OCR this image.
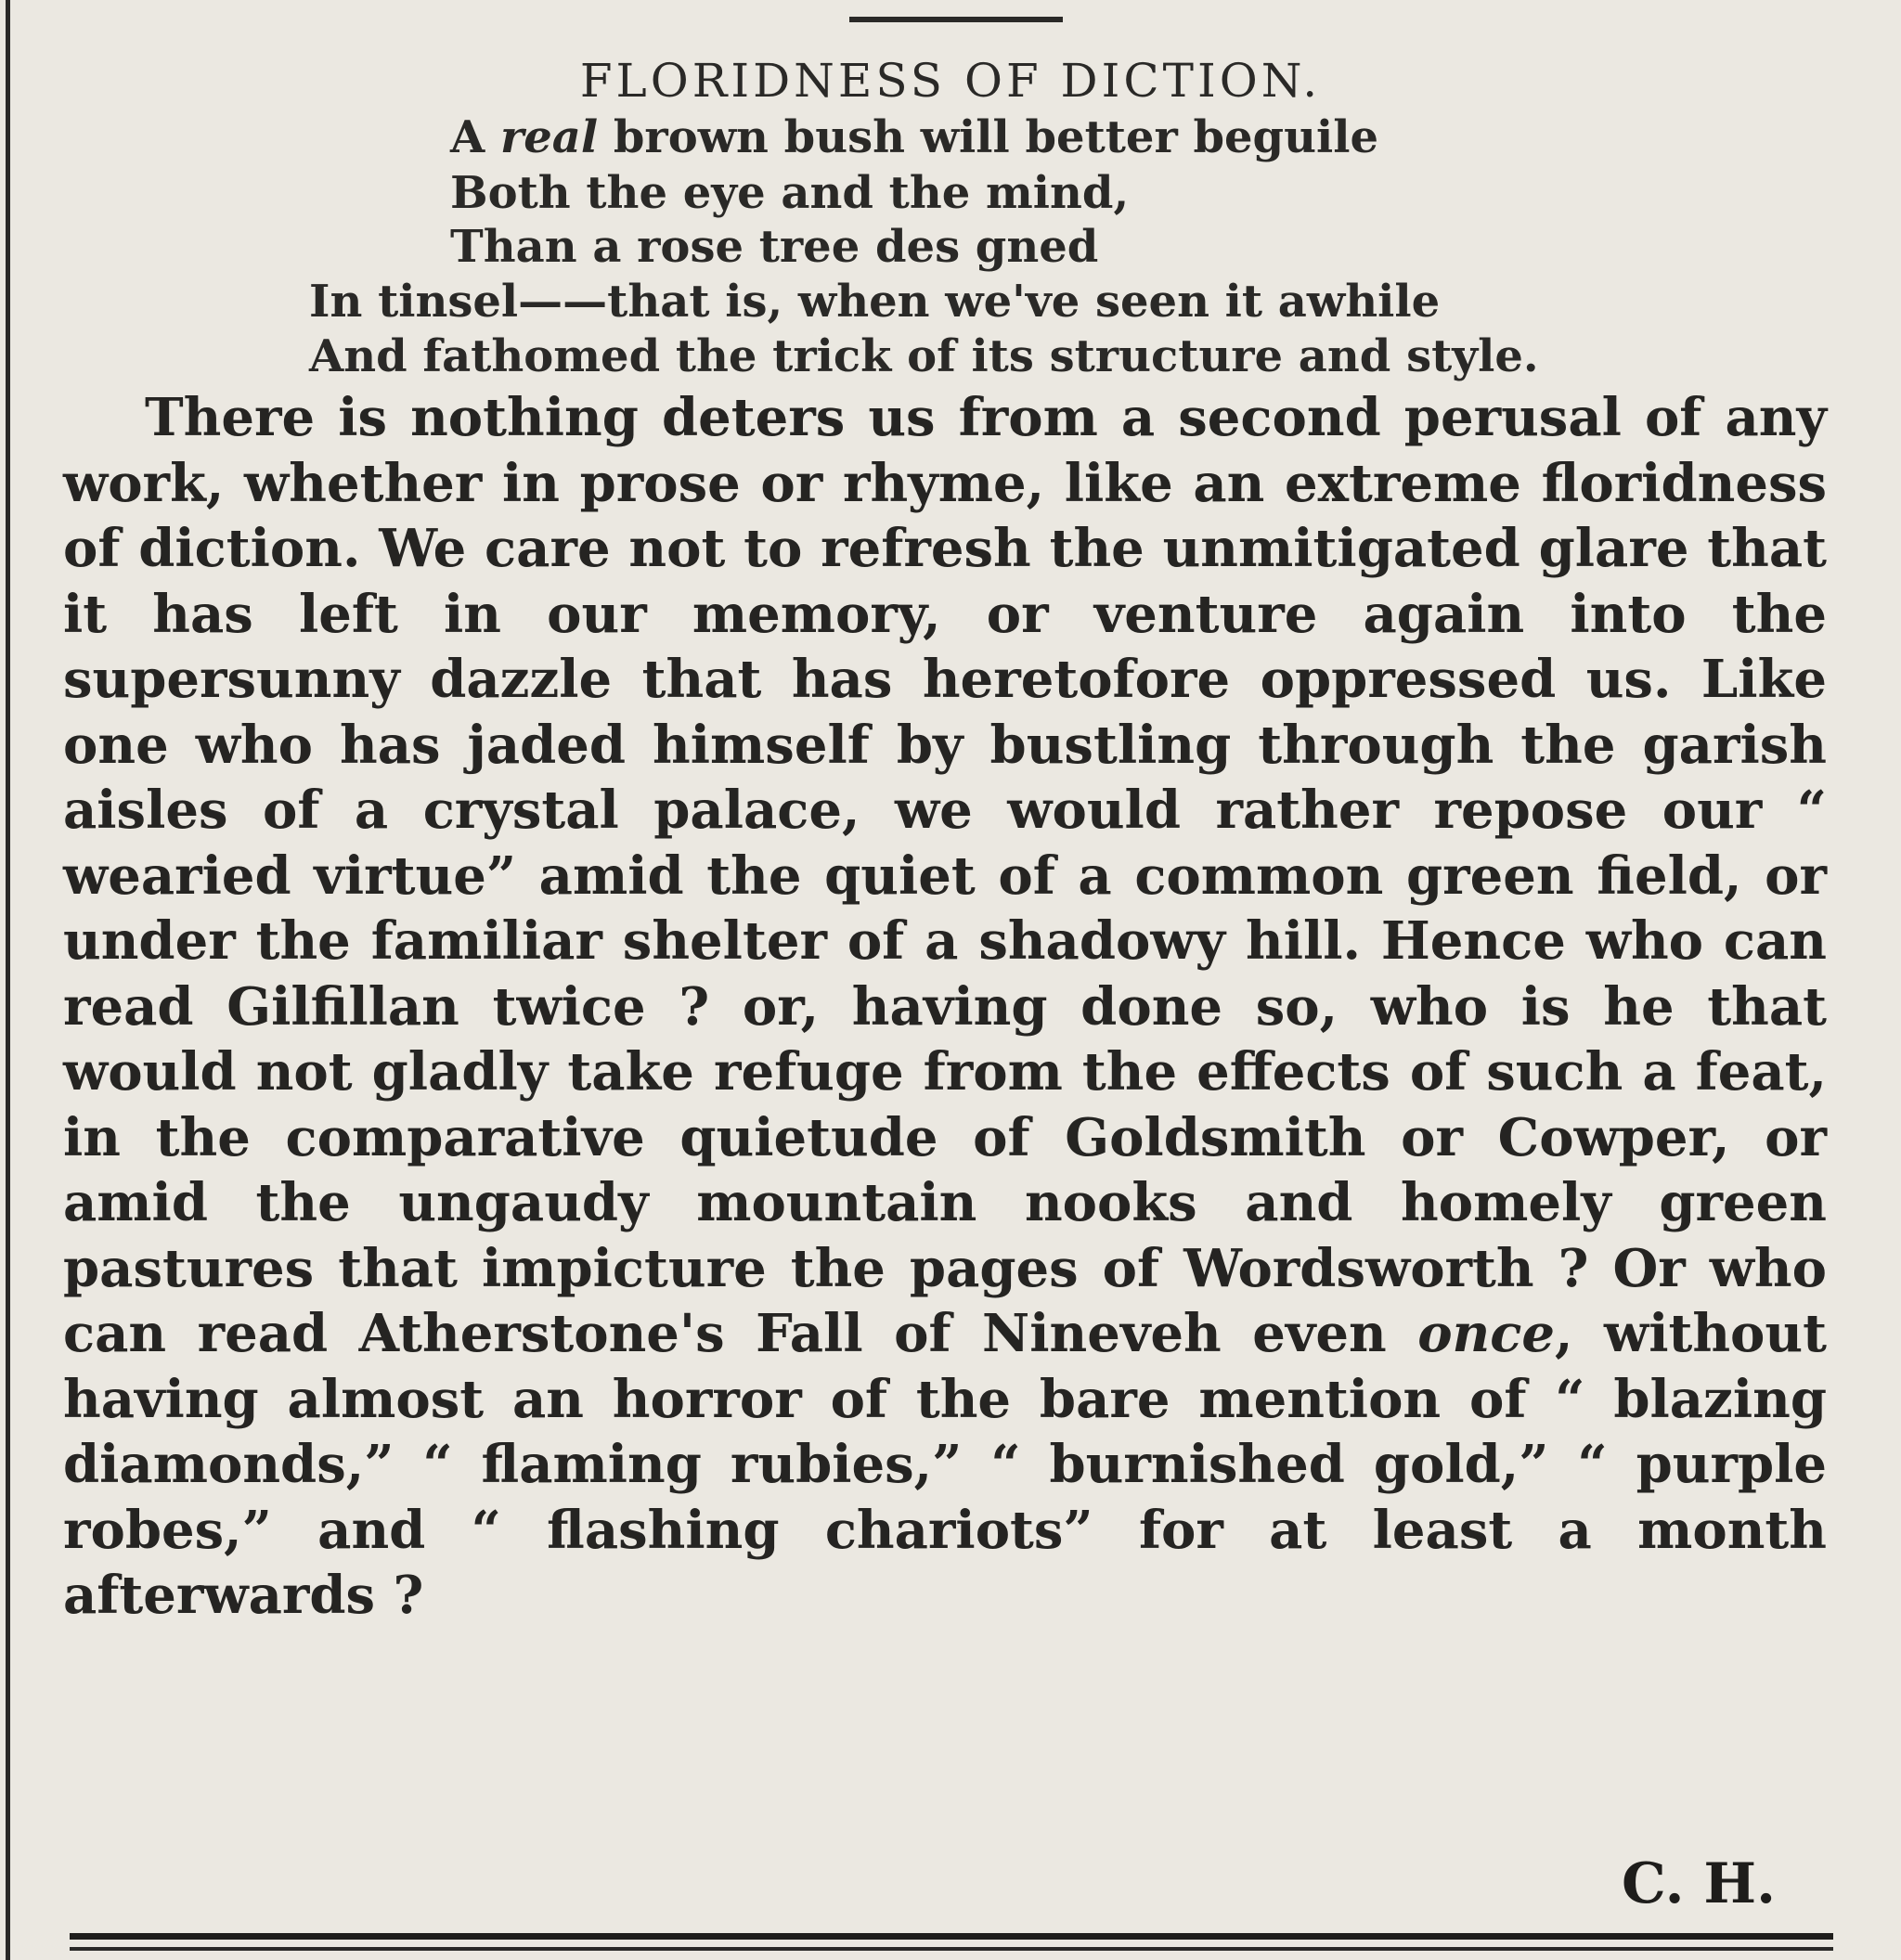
FLORIDNESS OF DICTION.
A real brown bush will better beguile
Both the eye and the mind,
Than a rose tree des gned
In tinsel——that is, when we've seen it awhile
And fathomed the trick of its structure and style.

There is nothing deters us from a second perusal of any work, whether in prose or rhyme, like an extreme floridness of diction. We care not to refresh the unmitigated glare that it has left in our memory, or venture again into the supersunny dazzle that has heretofore oppressed us. Like one who has jaded himself by bustling through the garish aisles of a crystal palace, we would rather repose our “ wearied virtue” amid the quiet of a common green field, or under the familiar shelter of a shadowy hill. Hence who can read Gilfillan twice ? or, having done so, who is he that would not gladly take refuge from the effects of such a feat, in the comparative quietude of Goldsmith or Cowper, or amid the ungaudy mountain nooks and homely green pastures that impicture the pages of Wordsworth ? Or who can read Atherstone's Fall of Nineveh even once, without having almost an horror of the bare mention of “ blazing diamonds,” “ flaming rubies,” “ burnished gold,” “ purple robes,” and “ flashing chariots” for at least a month afterwards ?

C. H.
